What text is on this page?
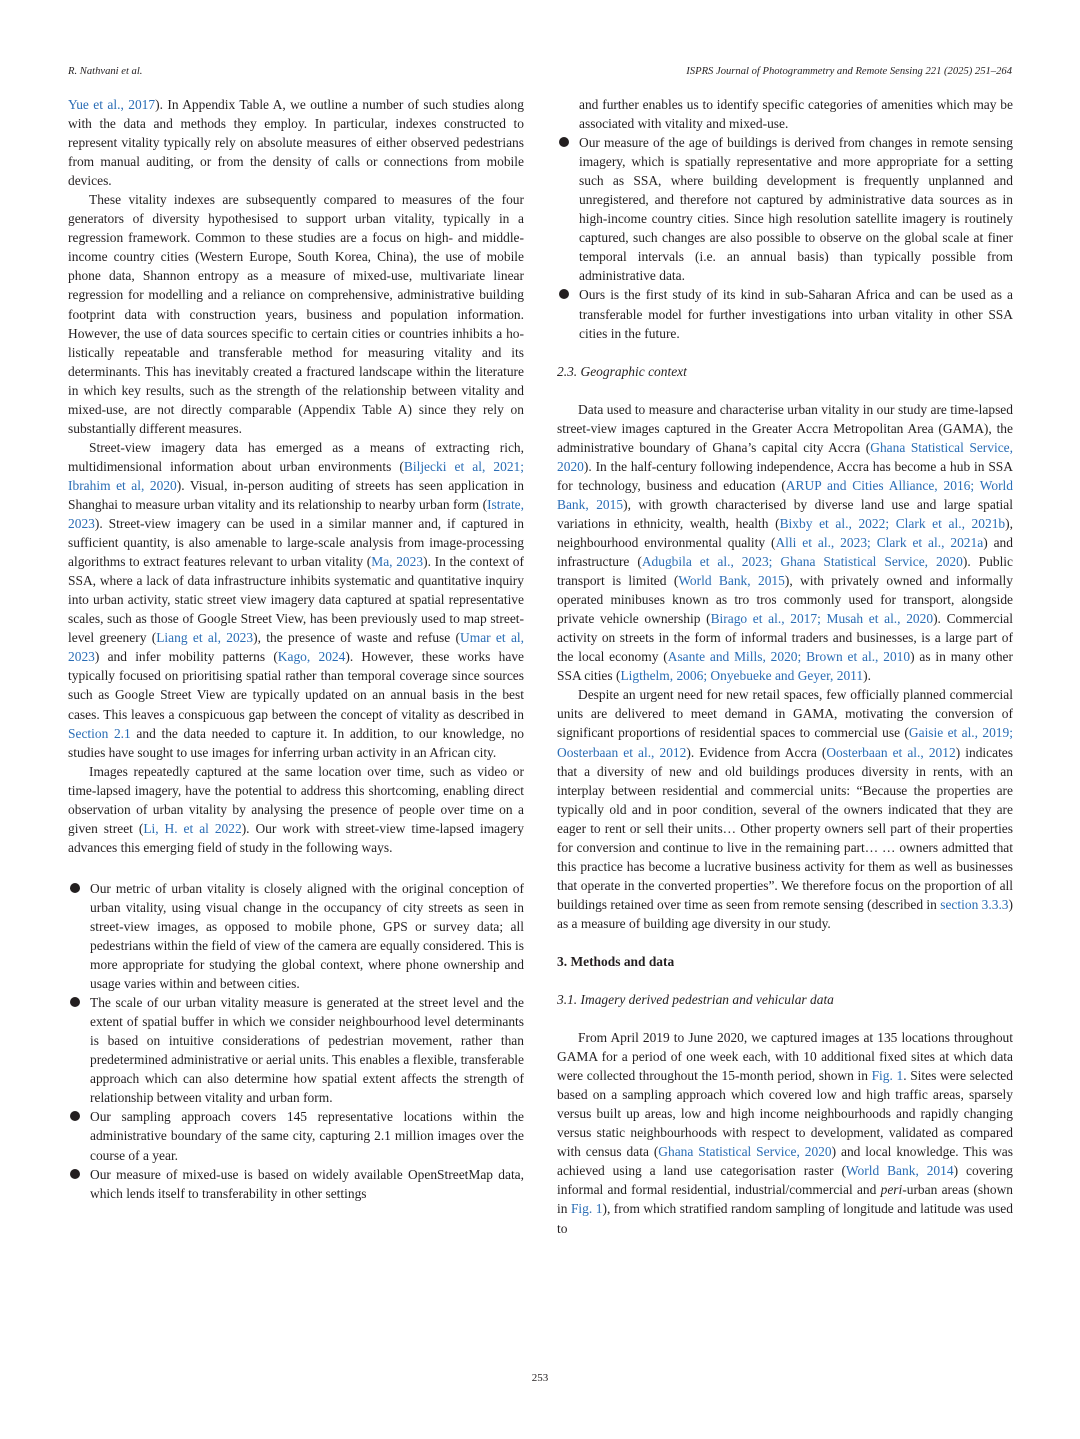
R. Nathvani et al.	ISPRS Journal of Photogrammetry and Remote Sensing 221 (2025) 251–264

Yue et al., 2017). In Appendix Table A, we outline a number of such studies along with the data and methods they employ. In particular, indexes constructed to represent vitality typically rely on absolute measures of either observed pedestrians from manual auditing, or from the density of calls or connections from mobile devices.

These vitality indexes are subsequently compared to measures of the four generators of diversity hypothesised to support urban vitality, typically in a regression framework. Common to these studies are a focus on high- and middle-income country cities (Western Europe, South Korea, China), the use of mobile phone data, Shannon entropy as a measure of mixed-use, multivariate linear regression for modelling and a reliance on comprehensive, administrative building footprint data with construction years, business and population information. However, the use of data sources specific to certain cities or countries inhibits a holistically repeatable and transferable method for measuring vitality and its determinants. This has inevitably created a fractured landscape within the literature in which key results, such as the strength of the relationship between vitality and mixed-use, are not directly comparable (Appendix Table A) since they rely on substantially different measures.

Street-view imagery data has emerged as a means of extracting rich, multidimensional information about urban environments (Biljecki et al, 2021; Ibrahim et al, 2020). Visual, in-person auditing of streets has seen application in Shanghai to measure urban vitality and its relationship to nearby urban form (Istrate, 2023). Street-view imagery can be used in a similar manner and, if captured in sufficient quantity, is also amenable to large-scale analysis from image-processing algorithms to extract features relevant to urban vitality (Ma, 2023). In the context of SSA, where a lack of data infrastructure inhibits systematic and quantitative inquiry into urban activity, static street view imagery data captured at spatial representative scales, such as those of Google Street View, has been previously used to map street-level greenery (Liang et al, 2023), the presence of waste and refuse (Umar et al, 2023) and infer mobility patterns (Kago, 2024). However, these works have typically focused on prioritising spatial rather than temporal coverage since sources such as Google Street View are typically updated on an annual basis in the best cases. This leaves a conspicuous gap between the concept of vitality as described in Section 2.1 and the data needed to capture it. In addition, to our knowledge, no studies have sought to use images for inferring urban activity in an African city.

Images repeatedly captured at the same location over time, such as video or time-lapsed imagery, have the potential to address this shortcoming, enabling direct observation of urban vitality by analysing the presence of people over time on a given street (Li, H. et al 2022). Our work with street-view time-lapsed imagery advances this emerging field of study in the following ways.

Our metric of urban vitality is closely aligned with the original conception of urban vitality, using visual change in the occupancy of city streets as seen in street-view images, as opposed to mobile phone, GPS or survey data; all pedestrians within the field of view of the camera are equally considered. This is more appropriate for studying the global context, where phone ownership and usage varies within and between cities.
The scale of our urban vitality measure is generated at the street level and the extent of spatial buffer in which we consider neighbourhood level determinants is based on intuitive considerations of pedestrian movement, rather than predetermined administrative or aerial units. This enables a flexible, transferable approach which can also determine how spatial extent affects the strength of relationship between vitality and urban form.
Our sampling approach covers 145 representative locations within the administrative boundary of the same city, capturing 2.1 million images over the course of a year.
Our measure of mixed-use is based on widely available OpenStreetMap data, which lends itself to transferability in other settings

and further enables us to identify specific categories of amenities which may be associated with vitality and mixed-use.

Our measure of the age of buildings is derived from changes in remote sensing imagery, which is spatially representative and more appropriate for a setting such as SSA, where building development is frequently unplanned and unregistered, and therefore not captured by administrative data sources as in high-income country cities. Since high resolution satellite imagery is routinely captured, such changes are also possible to observe on the global scale at finer temporal intervals (i.e. an annual basis) than typically possible from administrative data.
Ours is the first study of its kind in sub-Saharan Africa and can be used as a transferable model for further investigations into urban vitality in other SSA cities in the future.
2.3. Geographic context

Data used to measure and characterise urban vitality in our study are time-lapsed street-view images captured in the Greater Accra Metropolitan Area (GAMA), the administrative boundary of Ghana’s capital city Accra (Ghana Statistical Service, 2020). In the half-century following independence, Accra has become a hub in SSA for technology, business and education (ARUP and Cities Alliance, 2016; World Bank, 2015), with growth characterised by diverse land use and large spatial variations in ethnicity, wealth, health (Bixby et al., 2022; Clark et al., 2021b), neighbourhood environmental quality (Alli et al., 2023; Clark et al., 2021a) and infrastructure (Adugbila et al., 2023; Ghana Statistical Service, 2020). Public transport is limited (World Bank, 2015), with privately owned and informally operated minibuses known as tro tros commonly used for transport, alongside private vehicle ownership (Birago et al., 2017; Musah et al., 2020). Commercial activity on streets in the form of informal traders and businesses, is a large part of the local economy (Asante and Mills, 2020; Brown et al., 2010) as in many other SSA cities (Ligthelm, 2006; Onyebueke and Geyer, 2011).

Despite an urgent need for new retail spaces, few officially planned commercial units are delivered to meet demand in GAMA, motivating the conversion of significant proportions of residential spaces to commercial use (Gaisie et al., 2019; Oosterbaan et al., 2012). Evidence from Accra (Oosterbaan et al., 2012) indicates that a diversity of new and old buildings produces diversity in rents, with an interplay between residential and commercial units: “Because the properties are typically old and in poor condition, several of the owners indicated that they are eager to rent or sell their units… Other property owners sell part of their properties for conversion and continue to live in the remaining part… … owners admitted that this practice has become a lucrative business activity for them as well as businesses that operate in the converted properties”. We therefore focus on the proportion of all buildings retained over time as seen from remote sensing (described in section 3.3.3) as a measure of building age diversity in our study.

3. Methods and data
3.1. Imagery derived pedestrian and vehicular data

From April 2019 to June 2020, we captured images at 135 locations throughout GAMA for a period of one week each, with 10 additional fixed sites at which data were collected throughout the 15-month period, shown in Fig. 1. Sites were selected based on a sampling approach which covered low and high traffic areas, sparsely versus built up areas, low and high income neighbourhoods and rapidly changing versus static neighbourhoods with respect to development, validated as compared with census data (Ghana Statistical Service, 2020) and local knowledge. This was achieved using a land use categorisation raster (World Bank, 2014) covering informal and formal residential, industrial/commercial and peri-urban areas (shown in Fig. 1), from which stratified random sampling of longitude and latitude was used to

253
